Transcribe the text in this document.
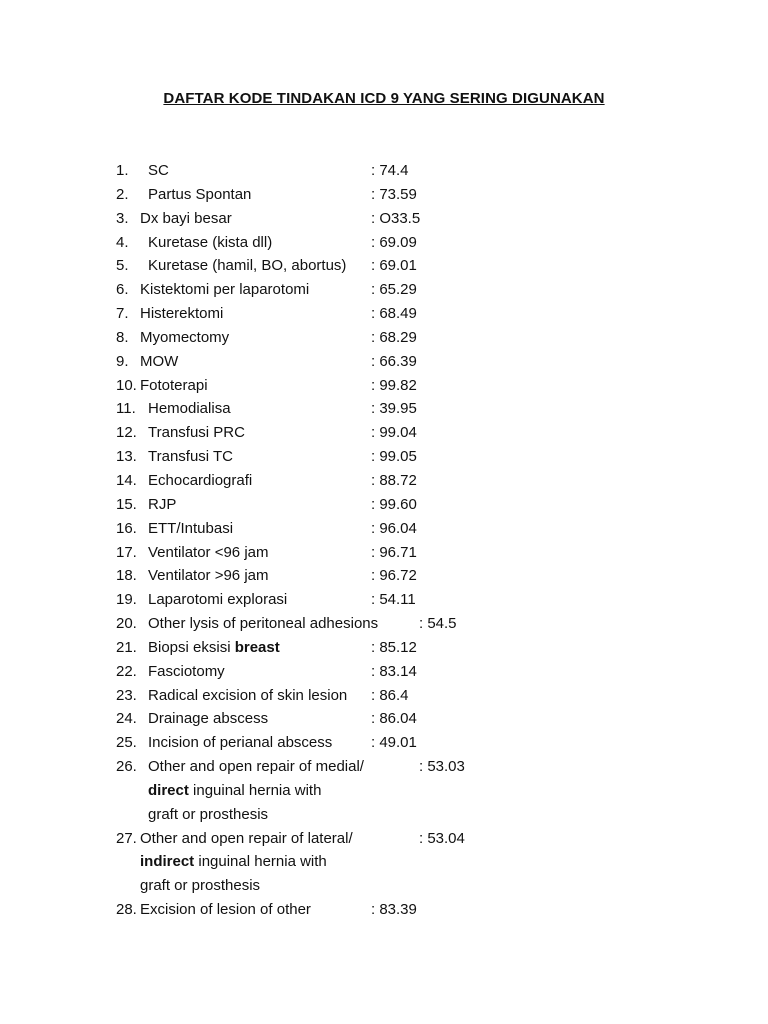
DAFTAR KODE TINDAKAN ICD 9 YANG SERING DIGUNAKAN
1. SC	: 74.4
2. Partus Spontan	: 73.59
3. Dx bayi besar	: O33.5
4. Kuretase (kista dll)	: 69.09
5. Kuretase (hamil, BO, abortus) : 69.01
6. Kistektomi per laparotomi	: 65.29
7. Histerektomi	: 68.49
8. Myomectomy	: 68.29
9. MOW	: 66.39
10. Fototerapi	: 99.82
11. Hemodialisa	: 39.95
12. Transfusi PRC	: 99.04
13. Transfusi TC	: 99.05
14. Echocardiografi	: 88.72
15. RJP	: 99.60
16. ETT/Intubasi	: 96.04
17. Ventilator <96 jam	: 96.71
18. Ventilator >96 jam	: 96.72
19. Laparotomi explorasi	: 54.11
20. Other lysis of peritoneal adhesions	: 54.5
21. Biopsi eksisi breast	: 85.12
22. Fasciotomy	: 83.14
23. Radical excision of skin lesion : 86.4
24. Drainage abscess	: 86.04
25. Incision of perianal abscess	: 49.01
26. Other and open repair of medial/	: 53.03
direct inguinal hernia with
graft or prosthesis
27. Other and open repair of lateral/	: 53.04
indirect inguinal hernia with
graft or prosthesis
28. Excision of lesion of other	: 83.39
